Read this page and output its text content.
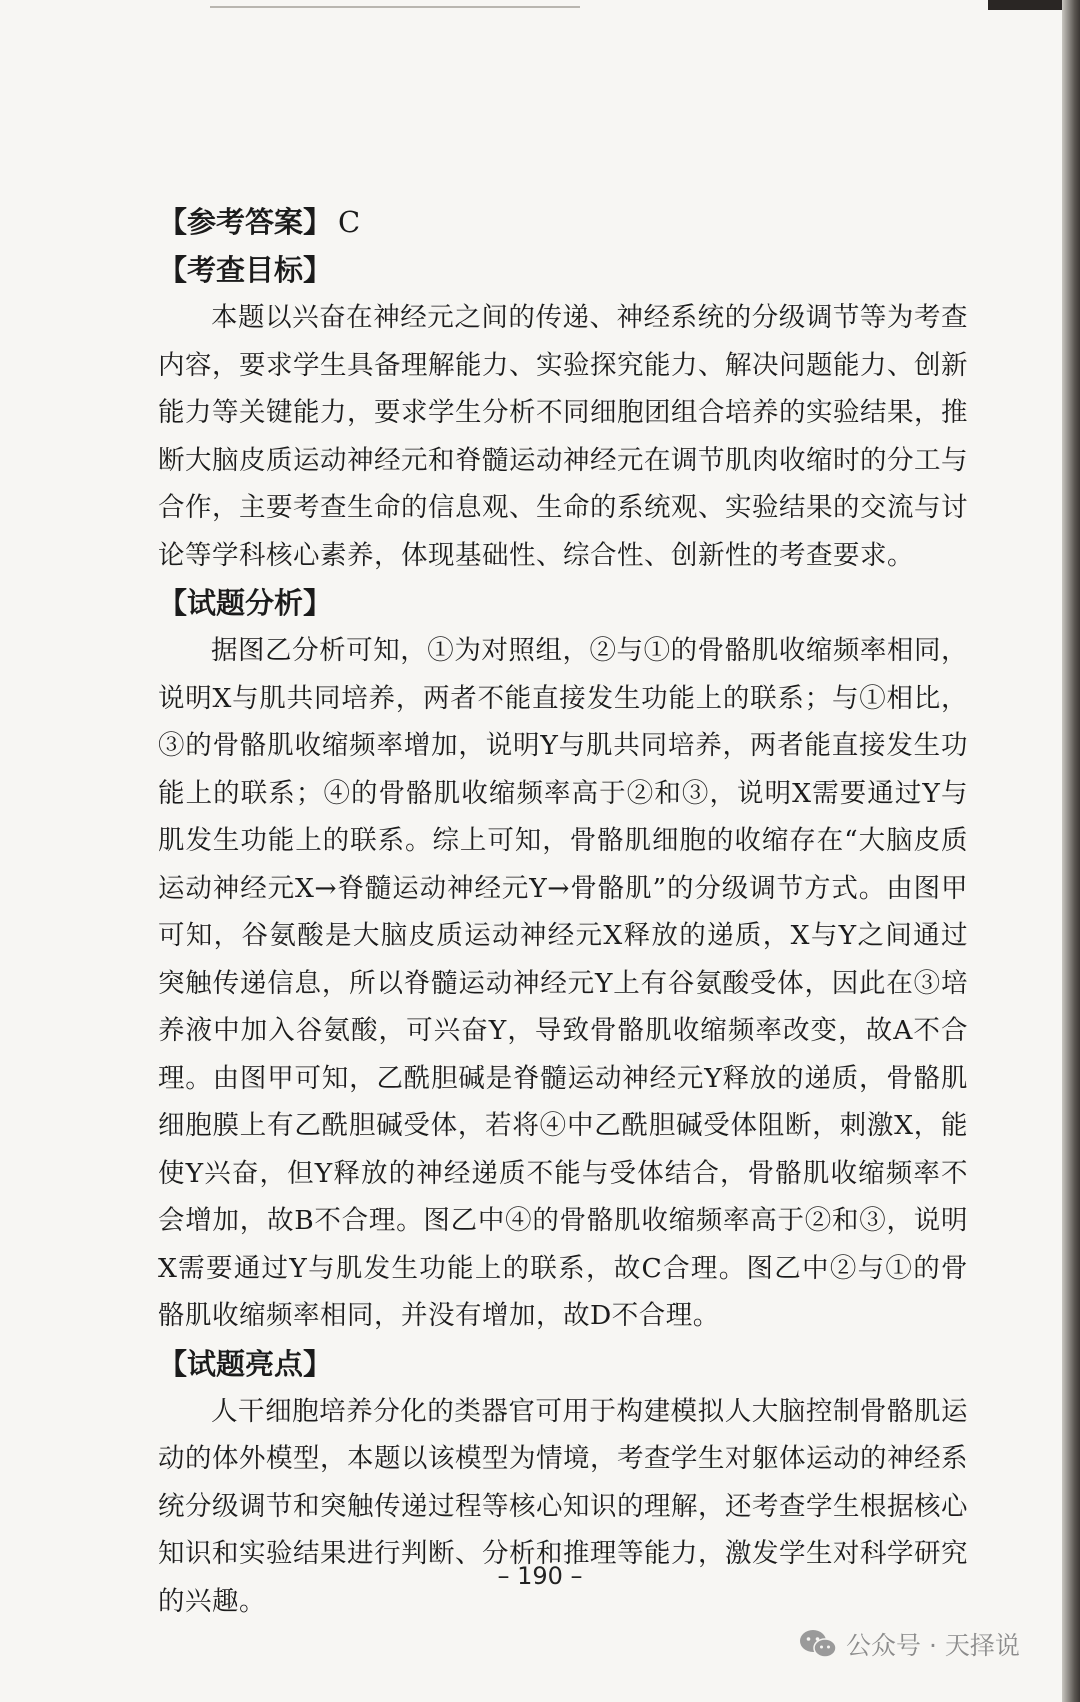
【参考答案】 C

【考查目标】

本题以兴奋在神经元之间的传递、神经系统的分级调节等为考查内容，要求学生具备理解能力、实验探究能力、解决问题能力、创新能力等关键能力，要求学生分析不同细胞团组合培养的实验结果，推断大脑皮质运动神经元和脊髓运动神经元在调节肌肉收缩时的分工与合作，主要考查生命的信息观、生命的系统观、实验结果的交流与讨论等学科核心素养，体现基础性、综合性、创新性的考查要求。

【试题分析】

据图乙分析可知，①为对照组，②与①的骨骼肌收缩频率相同，说明X与肌共同培养，两者不能直接发生功能上的联系；与①相比，③的骨骼肌收缩频率增加，说明Y与肌共同培养，两者能直接发生功能上的联系；④的骨骼肌收缩频率高于②和③，说明X需要通过Y与肌发生功能上的联系。综上可知，骨骼肌细胞的收缩存在“大脑皮质运动神经元X→脊髓运动神经元Y→骨骼肌”的分级调节方式。由图甲可知，谷氨酸是大脑皮质运动神经元X释放的递质，X与Y之间通过突触传递信息，所以脊髓运动神经元Y上有谷氨酸受体，因此在③培养液中加入谷氨酸，可兴奋Y，导致骨骼肌收缩频率改变，故A不合理。由图甲可知，乙酰胆碱是脊髓运动神经元Y释放的递质，骨骼肌细胞膜上有乙酰胆碱受体，若将④中乙酰胆碱受体阻断，刺激X，能使Y兴奋，但Y释放的神经递质不能与受体结合，骨骼肌收缩频率不会增加，故B不合理。图乙中④的骨骼肌收缩频率高于②和③，说明X需要通过Y与肌发生功能上的联系，故C合理。图乙中②与①的骨骼肌收缩频率相同，并没有增加，故D不合理。

【试题亮点】

人干细胞培养分化的类器官可用于构建模拟人大脑控制骨骼肌运动的体外模型，本题以该模型为情境，考查学生对躯体运动的神经系统分级调节和突触传递过程等核心知识的理解，还考查学生根据核心知识和实验结果进行判断、分析和推理等能力，激发学生对科学研究的兴趣。

– 190 –
公众号 · 天择说
